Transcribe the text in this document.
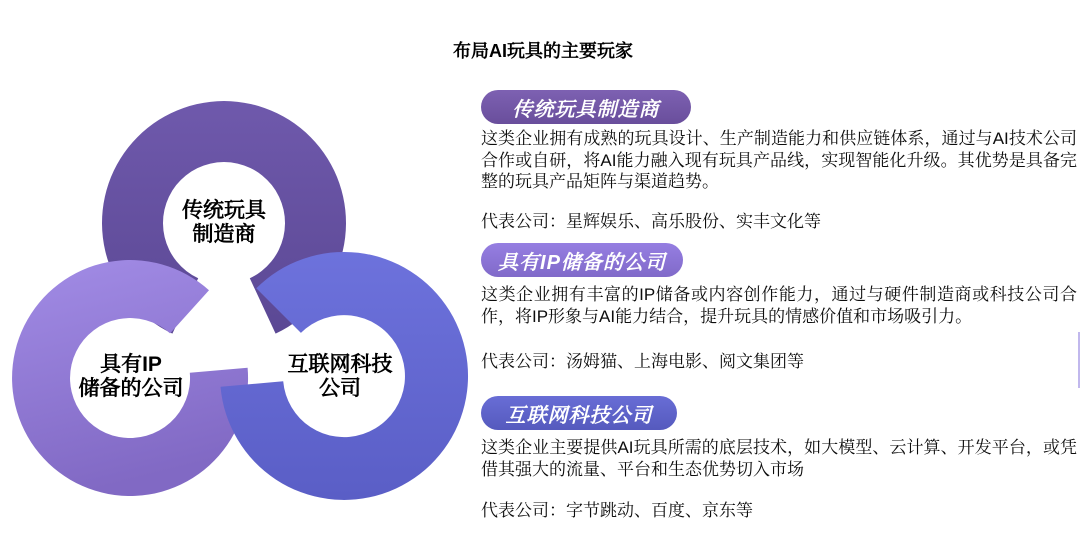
传统玩具
制造商
具有IP
储备的公司
互联网科技
公司
布局AI玩具的主要玩家
传统玩具制造商

这类企业拥有成熟的玩具设计、生产制造能力和供应链体系，通过与AI技术公司合作或自研，将AI能力融入现有玩具产品线，实现智能化升级。其优势是具备完整的玩具产品矩阵与渠道趋势。

代表公司：星辉娱乐、高乐股份、实丰文化等
具有IP储备的公司

这类企业拥有丰富的IP储备或内容创作能力，通过与硬件制造商或科技公司合作，将IP形象与AI能力结合，提升玩具的情感价值和市场吸引力。

代表公司：汤姆猫、上海电影、阅文集团等
互联网科技公司

这类企业主要提供AI玩具所需的底层技术，如大模型、云计算、开发平台，或凭借其强大的流量、平台和生态优势切入市场

代表公司：字节跳动、百度、京东等
